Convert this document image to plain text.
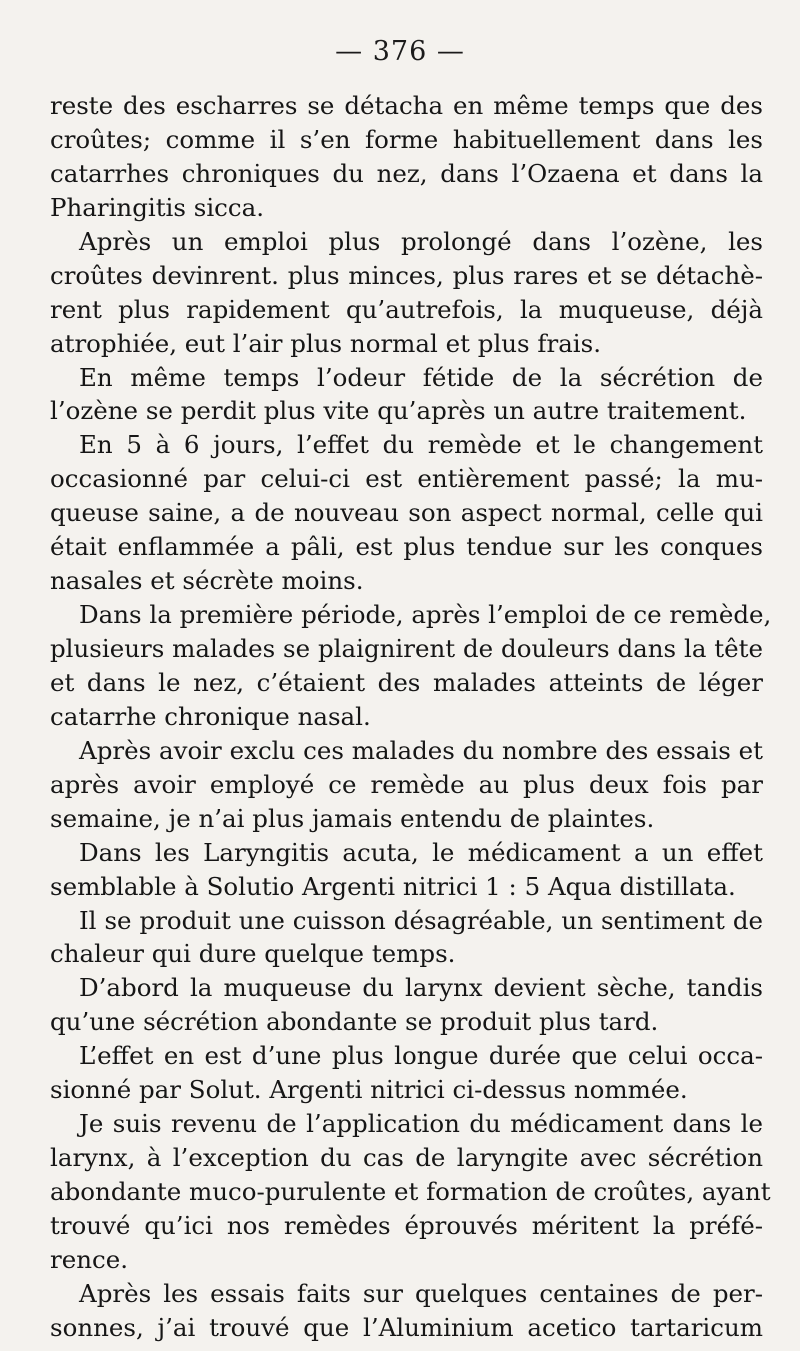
— 376 —
reste des escharres se détacha en même temps que des
croûtes; comme il s’en forme habituellement dans les
catarrhes chroniques du nez, dans l’Ozaena et dans la
Pharingitis sicca.
Après un emploi plus prolongé dans l’ozène, les
croûtes devinrent. plus minces, plus rares et se détachè-
rent plus rapidement qu’autrefois, la muqueuse, déjà
atrophiée, eut l’air plus normal et plus frais.
En même temps l’odeur fétide de la sécrétion de
l’ozène se perdit plus vite qu’après un autre traitement.
En 5 à 6 jours, l’effet du remède et le changement
occasionné par celui-ci est entièrement passé; la mu-
queuse saine, a de nouveau son aspect normal, celle qui
était enflammée a pâli, est plus tendue sur les conques
nasales et sécrète moins.
Dans la première période, après l’emploi de ce remède,
plusieurs malades se plaignirent de douleurs dans la tête
et dans le nez, c’étaient des malades atteints de léger
catarrhe chronique nasal.
Après avoir exclu ces malades du nombre des essais et
après avoir employé ce remède au plus deux fois par
semaine, je n’ai plus jamais entendu de plaintes.
Dans les Laryngitis acuta, le médicament a un effet
semblable à Solutio Argenti nitrici 1 : 5 Aqua distillata.
Il se produit une cuisson désagréable, un sentiment de
chaleur qui dure quelque temps.
D’abord la muqueuse du larynx devient sèche, tandis
qu’une sécrétion abondante se produit plus tard.
L’effet en est d’une plus longue durée que celui occa-
sionné par Solut. Argenti nitrici ci-dessus nommée.
Je suis revenu de l’application du médicament dans le
larynx, à l’exception du cas de laryngite avec sécrétion
abondante muco-purulente et formation de croûtes, ayant
trouvé qu’ici nos remèdes éprouvés méritent la préfé-
rence.
Après les essais faits sur quelques centaines de per-
sonnes, j’ai trouvé que l’Aluminium acetico tartaricum
